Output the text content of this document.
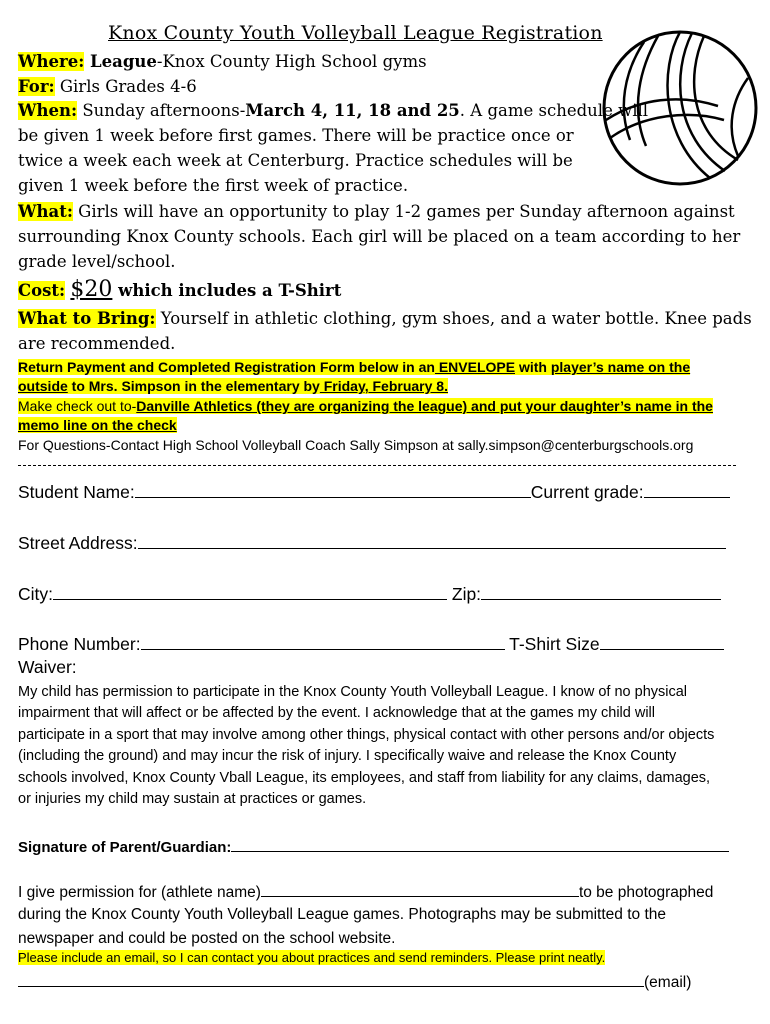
Knox County Youth Volleyball League Registration
Where: League-Knox County High School gyms
For: Girls Grades 4-6
When: Sunday afternoons-March 4, 11, 18 and 25. A game schedule will
be given 1 week before first games. There will be practice once or
twice a week each week at Centerburg. Practice schedules will be
given 1 week before the first week of practice.
What: Girls will have an opportunity to play 1-2 games per Sunday afternoon against
surrounding Knox County schools. Each girl will be placed on a team according to her
grade level/school.
Cost: $20 which includes a T-Shirt
What to Bring: Yourself in athletic clothing, gym shoes, and a water bottle. Knee pads
are recommended.
Return Payment and Completed Registration Form below in an ENVELOPE with player’s name on the
outside to Mrs. Simpson in the elementary by Friday, February 8.
Make check out to-Danville Athletics (they are organizing the league) and put your daughter’s name in the
memo line on the check
For Questions-Contact High School Volleyball Coach Sally Simpson at sally.simpson@centerburgschools.org
Student Name:	Current grade:
Street Address:
City:	Zip:
Phone Number:	T-Shirt Size
Waiver:
My child has permission to participate in the Knox County Youth Volleyball League. I know of no physical
impairment that will affect or be affected by the event. I acknowledge that at the games my child will
participate in a sport that may involve among other things, physical contact with other persons and/or objects
(including the ground) and may incur the risk of injury. I specifically waive and release the Knox County
schools involved, Knox County Vball League, its employees, and staff from liability for any claims, damages,
or injuries my child may sustain at practices or games.
Signature of Parent/Guardian:
I give permission for (athlete name)	to be photographed
during the Knox County Youth Volleyball League games. Photographs may be submitted to the
newspaper and could be posted on the school website.
Please include an email, so I can contact you about practices and send reminders. Please print neatly.
(email)
